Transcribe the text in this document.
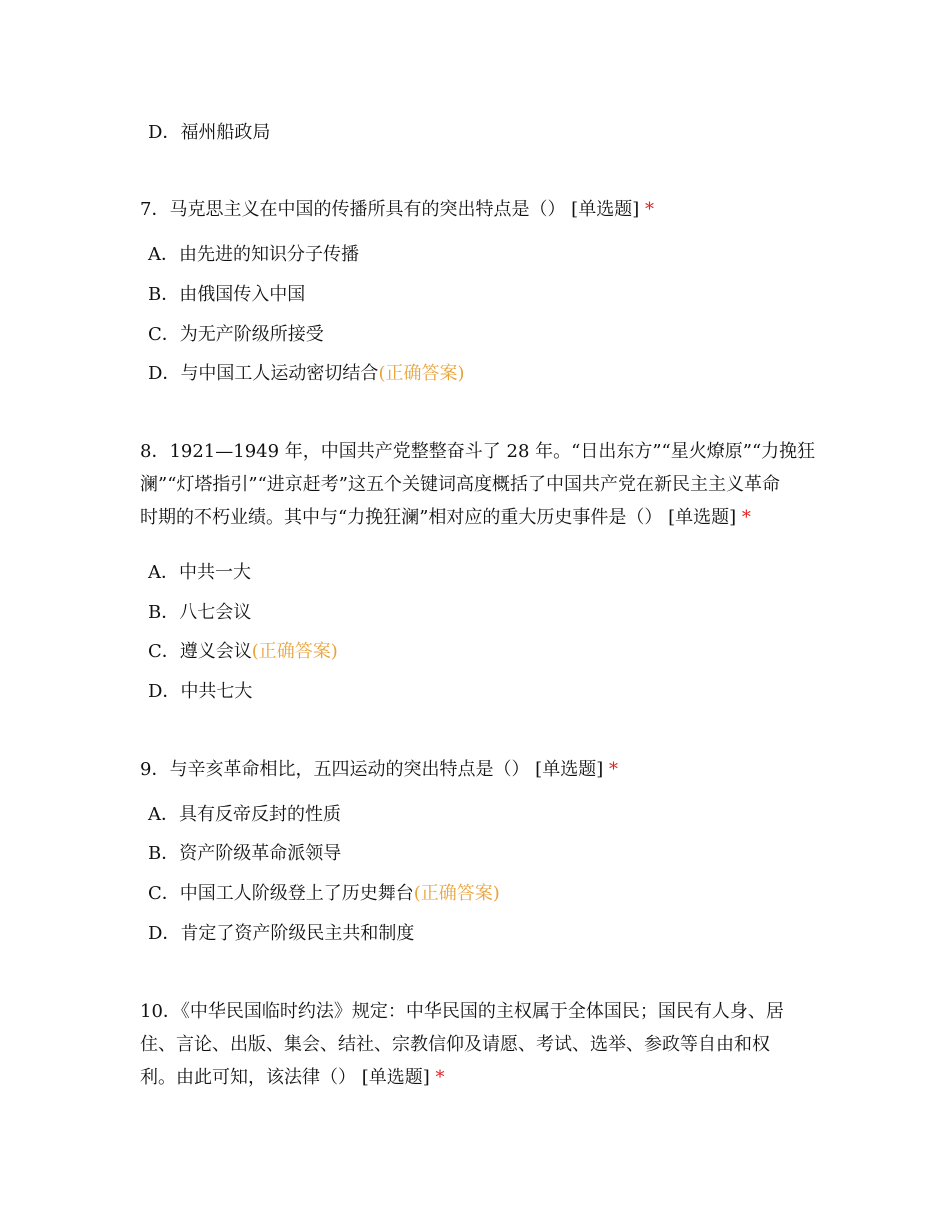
D．福州船政局
7．马克思主义在中国的传播所具有的突出特点是（） [单选题] *
A．由先进的知识分子传播
B．由俄国传入中国
C．为无产阶级所接受
D．与中国工人运动密切结合(正确答案)
8．1921—1949 年，中国共产党整整奋斗了 28 年。“日出东方”“星火燎原”“力挽狂
澜”“灯塔指引”“进京赶考”这五个关键词高度概括了中国共产党在新民主主义革命
时期的不朽业绩。其中与“力挽狂澜”相对应的重大历史事件是（） [单选题] *
A．中共一大
B．八七会议
C．遵义会议(正确答案)
D．中共七大
9．与辛亥革命相比，五四运动的突出特点是（） [单选题] *
A．具有反帝反封的性质
B．资产阶级革命派领导
C．中国工人阶级登上了历史舞台(正确答案)
D．肯定了资产阶级民主共和制度
10．《中华民国临时约法》规定：中华民国的主权属于全体国民；国民有人身、居
住、言论、出版、集会、结社、宗教信仰及请愿、考试、选举、参政等自由和权
利。由此可知，该法律（） [单选题] *
